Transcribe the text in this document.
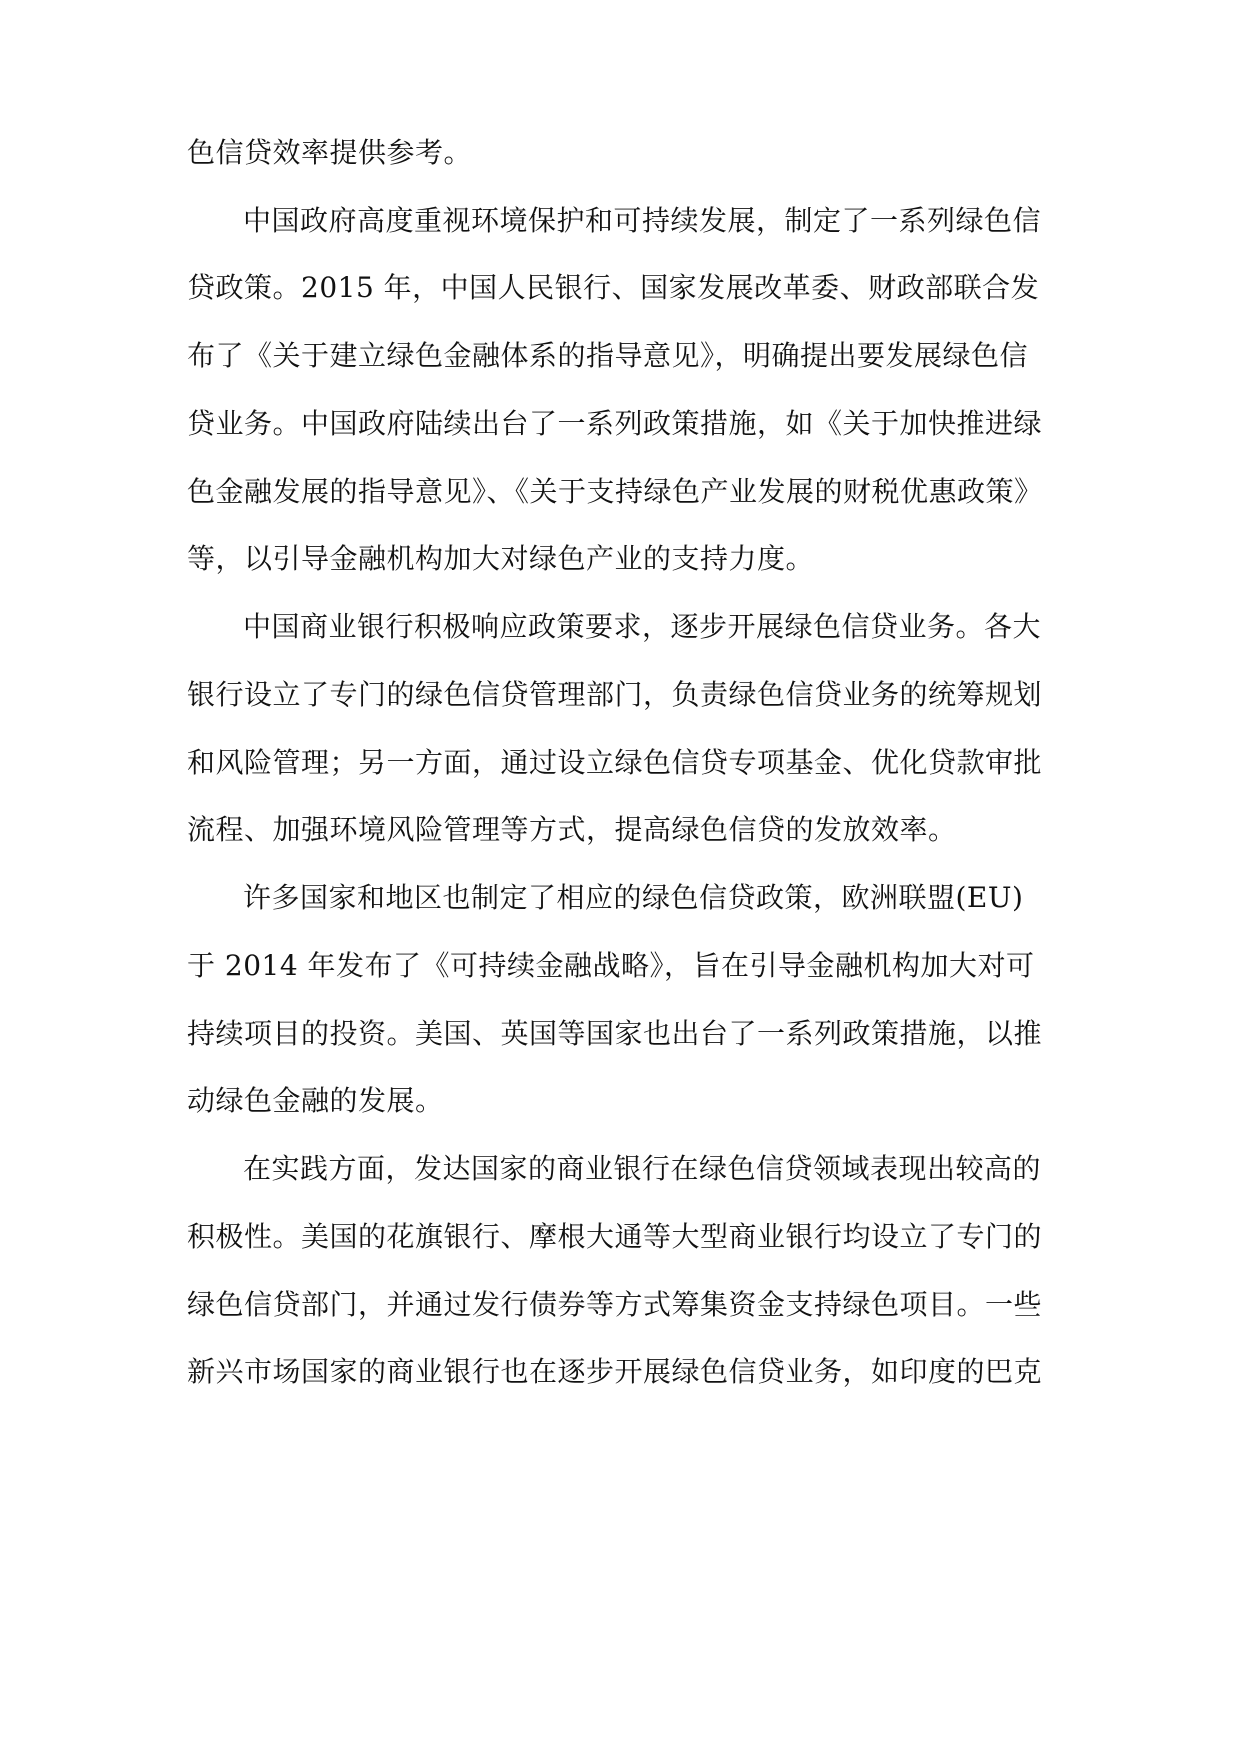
色信贷效率提供参考。
中国政府高度重视环境保护和可持续发展，制定了一系列绿色信
贷政策。2015 年，中国人民银行、国家发展改革委、财政部联合发
布了《关于建立绿色金融体系的指导意见》，明确提出要发展绿色信
贷业务。中国政府陆续出台了一系列政策措施，如《关于加快推进绿
色金融发展的指导意见》、《关于支持绿色产业发展的财税优惠政策》
等，以引导金融机构加大对绿色产业的支持力度。
中国商业银行积极响应政策要求，逐步开展绿色信贷业务。各大
银行设立了专门的绿色信贷管理部门，负责绿色信贷业务的统筹规划
和风险管理；另一方面，通过设立绿色信贷专项基金、优化贷款审批
流程、加强环境风险管理等方式，提高绿色信贷的发放效率。
许多国家和地区也制定了相应的绿色信贷政策，欧洲联盟(EU)
于 2014 年发布了《可持续金融战略》，旨在引导金融机构加大对可
持续项目的投资。美国、英国等国家也出台了一系列政策措施，以推
动绿色金融的发展。
在实践方面，发达国家的商业银行在绿色信贷领域表现出较高的
积极性。美国的花旗银行、摩根大通等大型商业银行均设立了专门的
绿色信贷部门，并通过发行债券等方式筹集资金支持绿色项目。一些
新兴市场国家的商业银行也在逐步开展绿色信贷业务，如印度的巴克
